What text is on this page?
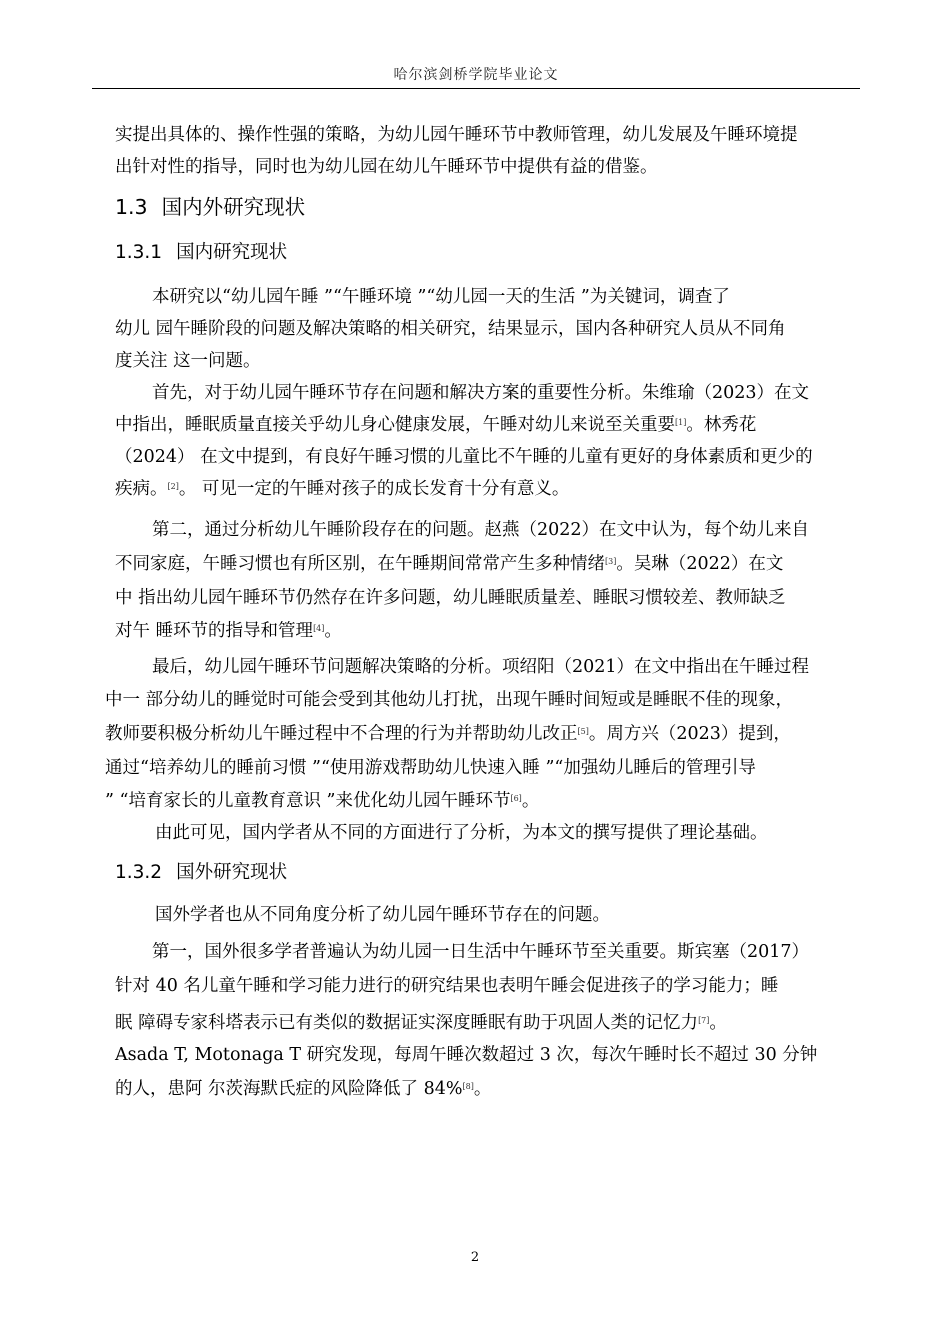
哈尔滨剑桥学院毕业论文
实提出具体的、操作性强的策略，为幼儿园午睡环节中教师管理，幼儿发展及午睡环境提
出针对性的指导，同时也为幼儿园在幼儿午睡环节中提供有益的借鉴。
1.3 国内外研究现状
1.3.1 国内研究现状
本研究以“幼儿园午睡 ”“午睡环境 ”“幼儿园一天的生活 ”为关键词，调查了
幼儿 园午睡阶段的问题及解决策略的相关研究，结果显示，国内各种研究人员从不同角
度关注 这一问题。
首先，对于幼儿园午睡环节存在问题和解决方案的重要性分析。朱维瑜（2023）在文
中指出，睡眠质量直接关乎幼儿身心健康发展，午睡对幼儿来说至关重要[1]。林秀花
（2024） 在文中提到，有良好午睡习惯的儿童比不午睡的儿童有更好的身体素质和更少的
疾病。[2]。 可见一定的午睡对孩子的成长发育十分有意义。
第二，通过分析幼儿午睡阶段存在的问题。赵燕（2022）在文中认为，每个幼儿来自
不同家庭，午睡习惯也有所区别，在午睡期间常常产生多种情绪[3]。吴琳（2022）在文
中 指出幼儿园午睡环节仍然存在许多问题，幼儿睡眠质量差、睡眠习惯较差、教师缺乏
对午 睡环节的指导和管理[4]。
最后，幼儿园午睡环节问题解决策略的分析。项绍阳（2021）在文中指出在午睡过程
中一 部分幼儿的睡觉时可能会受到其他幼儿打扰，出现午睡时间短或是睡眠不佳的现象，
教师要积极分析幼儿午睡过程中不合理的行为并帮助幼儿改正[5]。周方兴（2023）提到，
通过“培养幼儿的睡前习惯 ”“使用游戏帮助幼儿快速入睡 ”“加强幼儿睡后的管理引导
” “培育家长的儿童教育意识 ”来优化幼儿园午睡环节[6]。
由此可见，国内学者从不同的方面进行了分析，为本文的撰写提供了理论基础。
1.3.2 国外研究现状
国外学者也从不同角度分析了幼儿园午睡环节存在的问题。
第一，国外很多学者普遍认为幼儿园一日生活中午睡环节至关重要。斯宾塞（2017）
针对 40 名儿童午睡和学习能力进行的研究结果也表明午睡会促进孩子的学习能力；睡
眠 障碍专家科塔表示已有类似的数据证实深度睡眠有助于巩固人类的记忆力[7]。
Asada T, Motonaga T 研究发现，每周午睡次数超过 3 次，每次午睡时长不超过 30 分钟
的人，患阿 尔茨海默氏症的风险降低了 84%[8]。
2
